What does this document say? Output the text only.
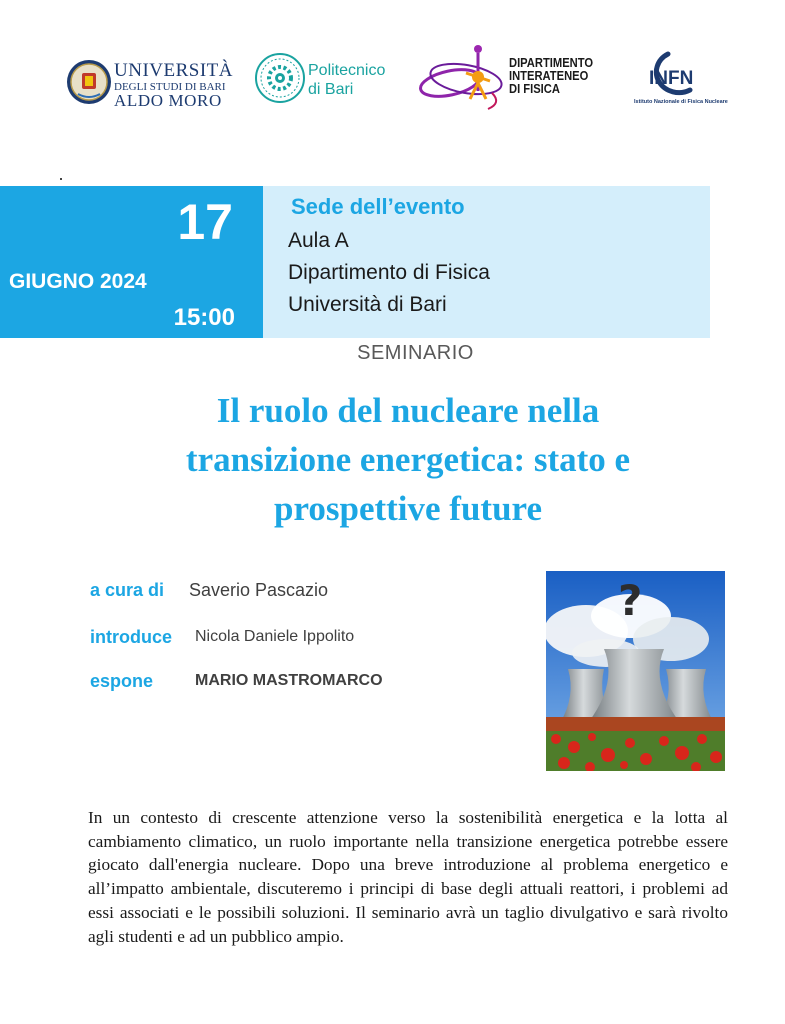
UNIVERSITÀ
DEGLI STUDI DI BARI
ALDO MORO
Politecnico
di Bari
DIPARTIMENTO
INTERATENEO
DI FISICA	INFN
Istituto Nazionale di Fisica Nucleare
17
GIUGNO 2024
15:00
Sede dell’evento
Aula A
Dipartimento di Fisica
Università di Bari
SEMINARIO
Il ruolo del nucleare nella
transizione energetica: stato e
prospettive future
a cura di Saverio Pascazio
introduce Nicola Daniele Ippolito
espone	MARIO MASTROMARCO
?
In un contesto di crescente attenzione verso la sostenibilità energetica e la lotta al cambiamento climatico, un ruolo importante nella transizione energetica potrebbe essere giocato dall'energia nucleare. Dopo una breve introduzione al problema energetico e all’impatto ambientale, discuteremo i principi di base degli attuali reattori, i problemi ad essi associati e le possibili soluzioni. Il seminario avrà un taglio divulgativo e sarà rivolto agli studenti e ad un pubblico ampio.
